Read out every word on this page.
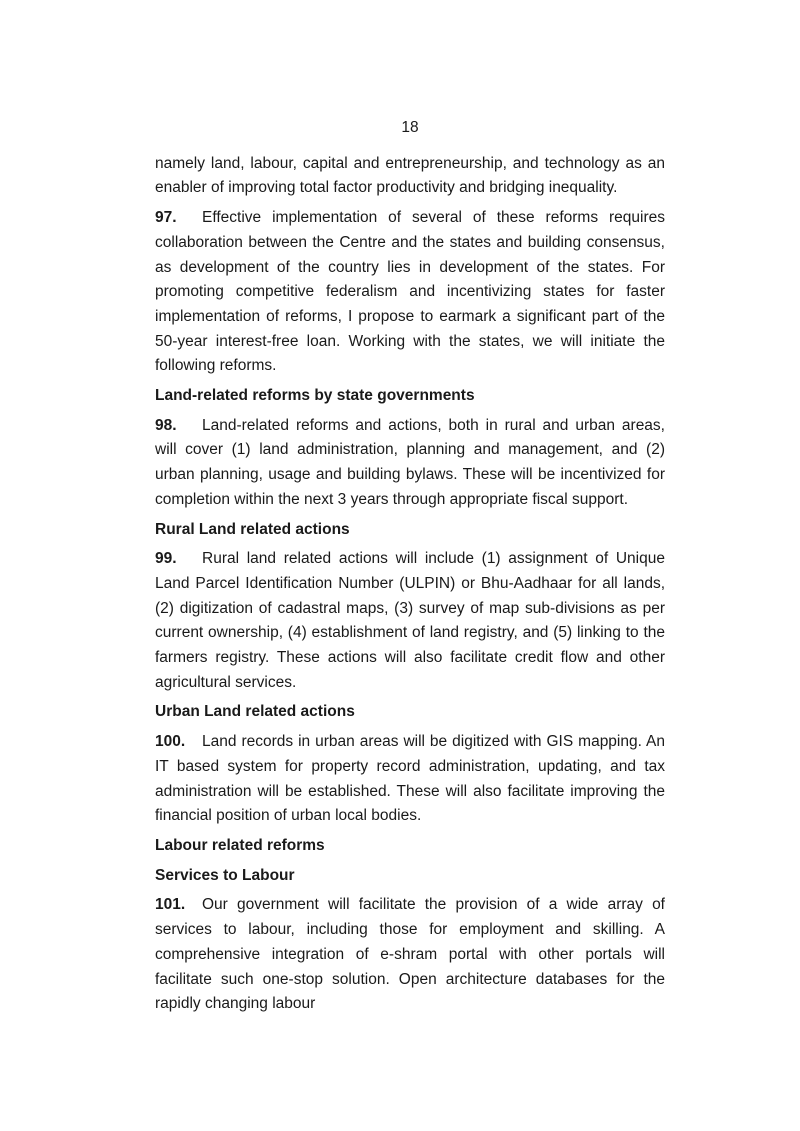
18

namely land, labour, capital and entrepreneurship, and technology as an enabler of improving total factor productivity and bridging inequality.

97. Effective implementation of several of these reforms requires collaboration between the Centre and the states and building consensus, as development of the country lies in development of the states. For promoting competitive federalism and incentivizing states for faster implementation of reforms, I propose to earmark a significant part of the 50-year interest-free loan. Working with the states, we will initiate the following reforms.

Land-related reforms by state governments

98. Land-related reforms and actions, both in rural and urban areas, will cover (1) land administration, planning and management, and (2) urban planning, usage and building bylaws. These will be incentivized for completion within the next 3 years through appropriate fiscal support.

Rural Land related actions

99. Rural land related actions will include (1) assignment of Unique Land Parcel Identification Number (ULPIN) or Bhu-Aadhaar for all lands, (2) digitization of cadastral maps, (3) survey of map sub-divisions as per current ownership, (4) establishment of land registry, and (5) linking to the farmers registry. These actions will also facilitate credit flow and other agricultural services.

Urban Land related actions

100. Land records in urban areas will be digitized with GIS mapping. An IT based system for property record administration, updating, and tax administration will be established. These will also facilitate improving the financial position of urban local bodies.

Labour related reforms
Services to Labour

101. Our government will facilitate the provision of a wide array of services to labour, including those for employment and skilling. A comprehensive integration of e-shram portal with other portals will facilitate such one-stop solution. Open architecture databases for the rapidly changing labour
